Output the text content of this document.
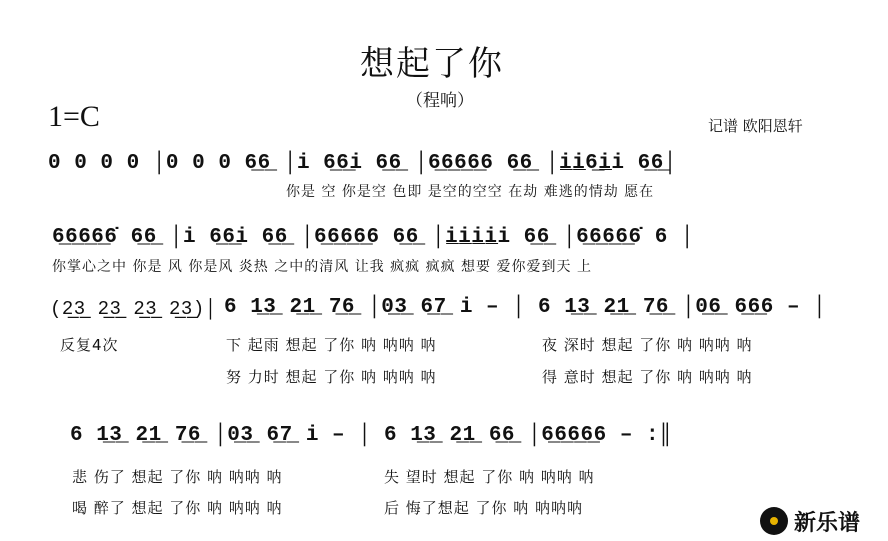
想起了你
（程响）
1=C	记谱 欧阳恩轩
0 0 0 0 │0 0 0 6̲6̲ │i 6̲6̲i 6̲6̲ │6̲6̲6̲6̲6 6̲6̲ │i̲i̲6̲i̲i 6̲6̲│
你是 空 你是空 色即 是空的空空 在劫 难逃的情劫 愿在
6̲6̲6̲6̲6̇ 6̲6̲ │i 6̲6̲i 6̲6̲ │6̲6̲6̲6̲6 6̲6̲ │i̲i̲i̲i̲i 6̲6̲ │6̲6̲6̲6̲6̇ 6 │
你掌心之中 你是 风 你是风 炎热 之中的清风 让我 疯疯 疯疯 想要 爱你爱到天 上
(2̲3̲ 2̲3̲ 2̲3̲ 2̲3̲)│ 6 1̲3̲ 2̲1̲ 7̲6̲ │0̲3̲ 6̲7̲ i – │ 6 1̲3̲ 2̲1̲ 7̲6̲ │0̲6̲ 6̲6̲6 – │
反复4次	下 起雨 想起 了你 呐 呐呐 呐	夜 深时 想起 了你 呐 呐呐 呐
努 力时 想起 了你 呐 呐呐 呐	得 意时 想起 了你 呐 呐呐 呐
6 1̲3̲ 2̲1̲ 7̲6̲ │0̲3̲ 6̲7̲ i – │ 6 1̲3̲ 2̲1̲ 6̲6̲ │6̲6̲6̲6̲6 – :║
悲 伤了 想起 了你 呐 呐呐 呐	失 望时 想起 了你 呐 呐呐 呐
喝 醉了 想起 了你 呐 呐呐 呐	后 悔了想起 了你 呐 呐呐呐
新乐谱
